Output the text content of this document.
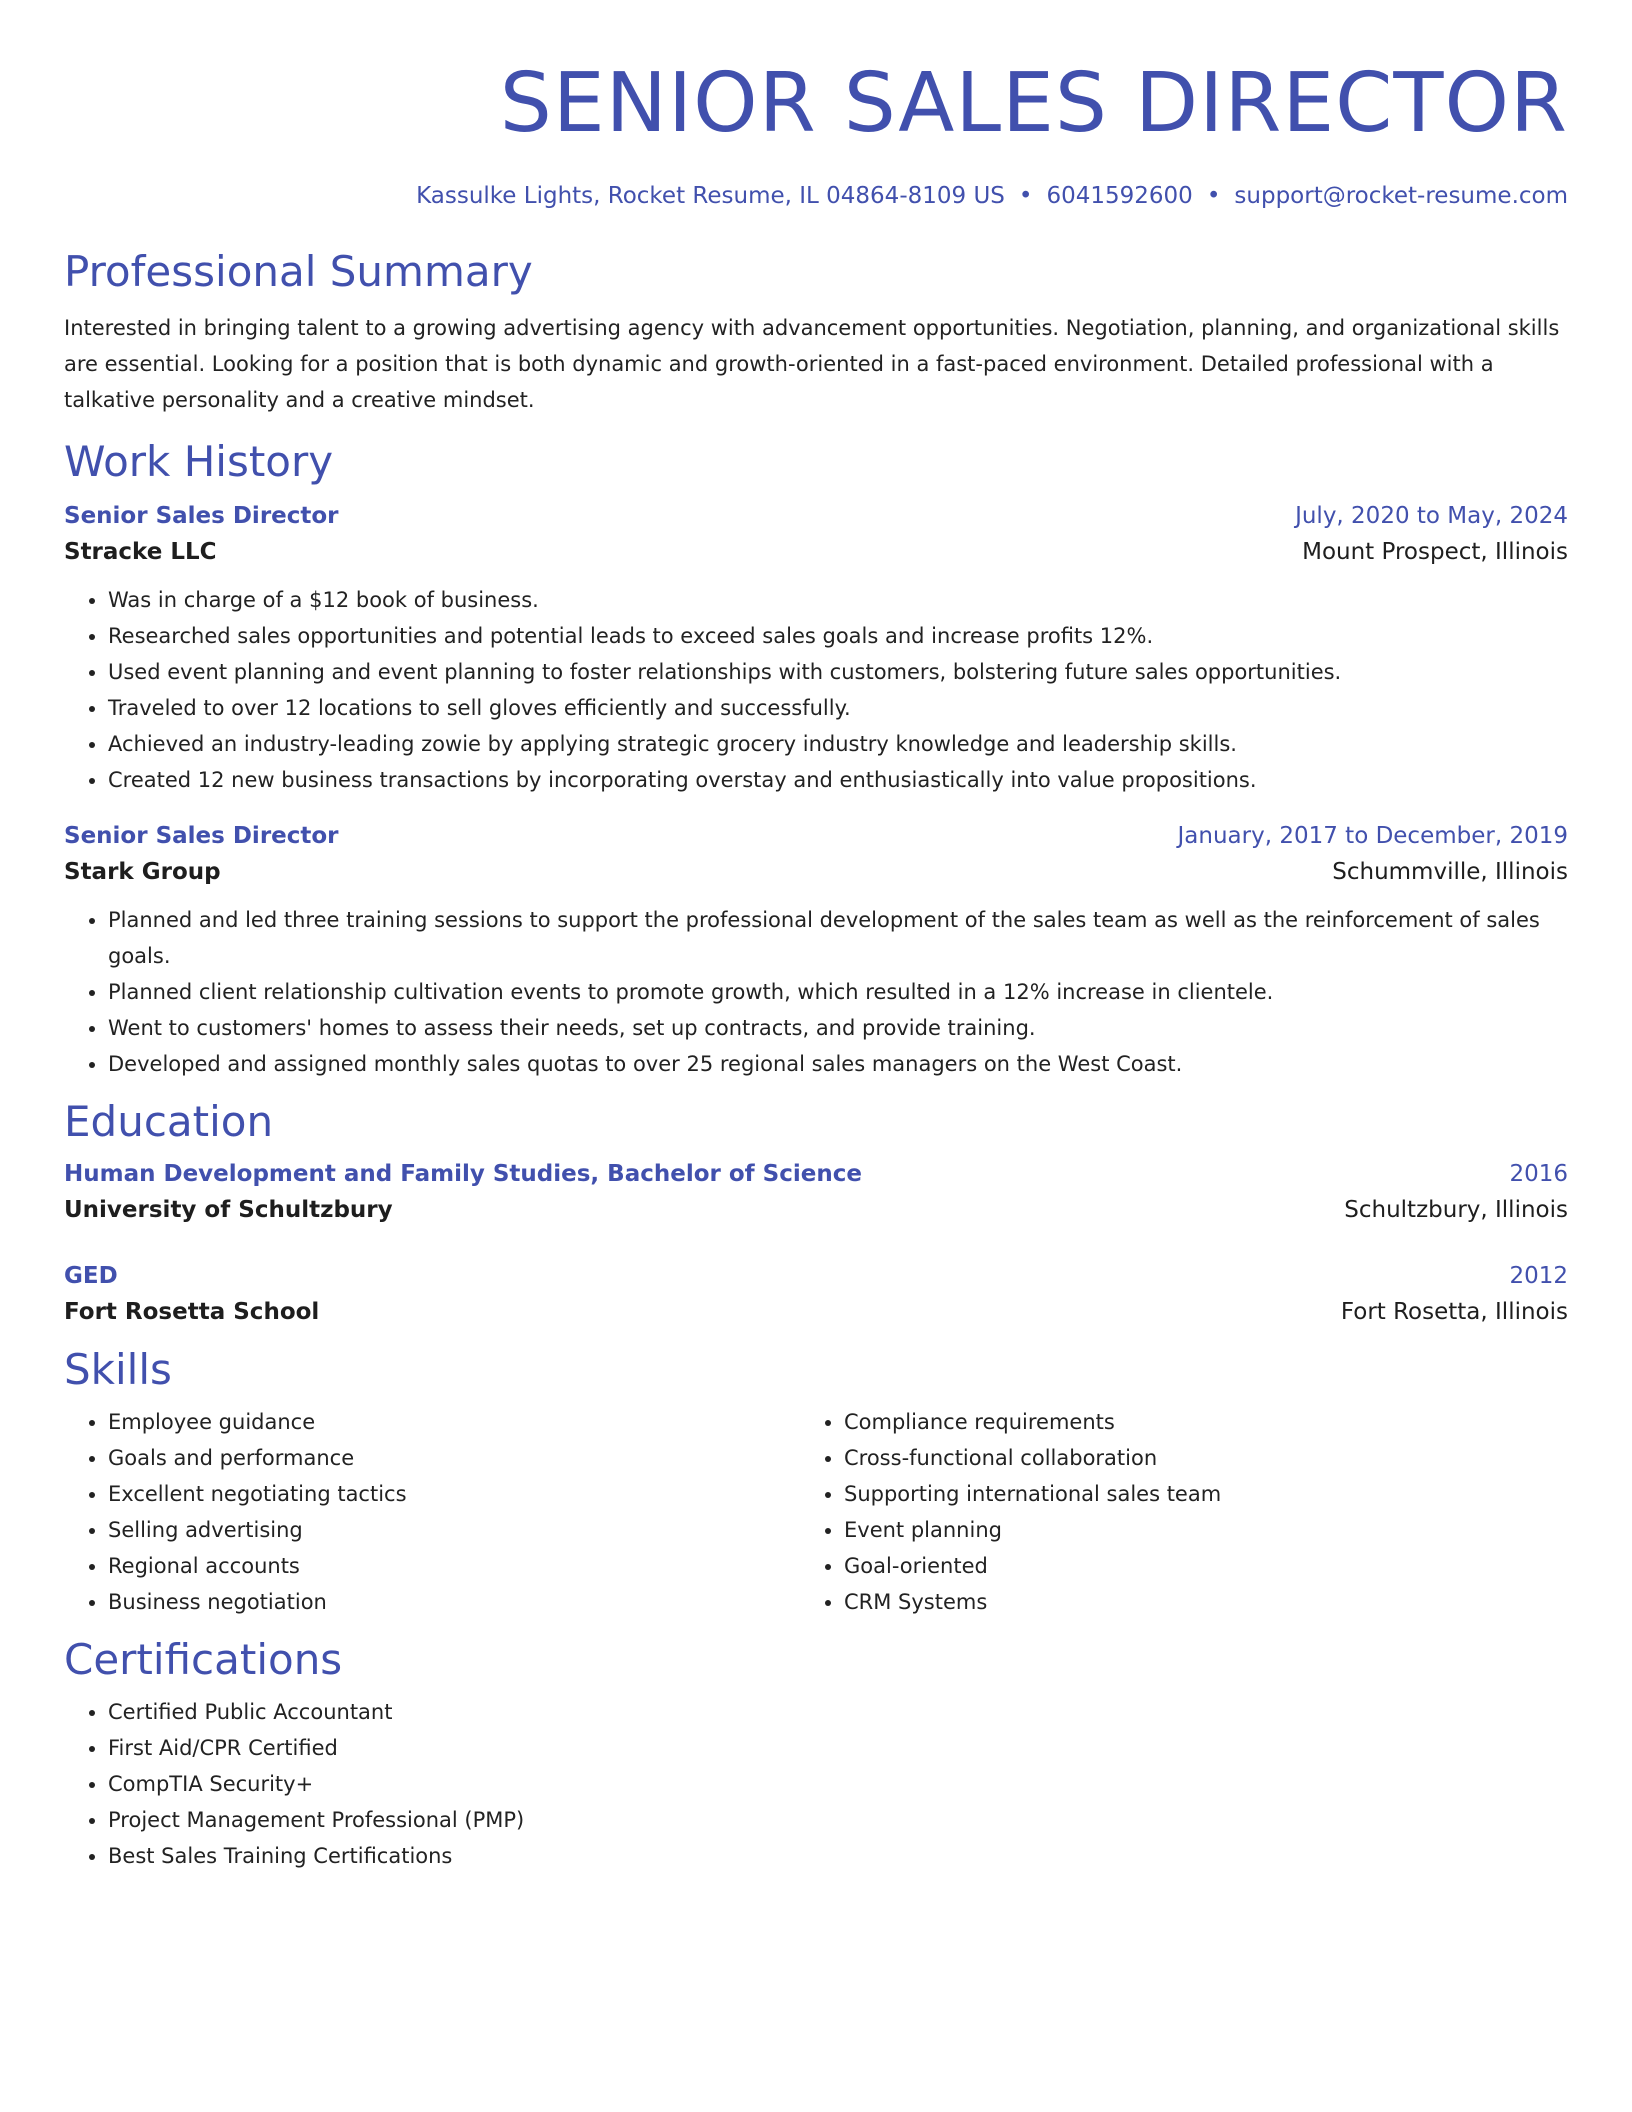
SENIOR SALES DIRECTOR
Kassulke Lights, Rocket Resume, IL 04864-8109 US • 6041592600 • support@rocket-resume.com
Professional Summary
Interested in bringing talent to a growing advertising agency with advancement opportunities. Negotiation, planning, and organizational skills are essential. Looking for a position that is both dynamic and growth-oriented in a fast-paced environment. Detailed professional with a talkative personality and a creative mindset.
Work History
Senior Sales Director	July, 2020 to May, 2024
Stracke LLC	Mount Prospect, Illinois
• Was in charge of a $12 book of business.
• Researched sales opportunities and potential leads to exceed sales goals and increase profits 12%.
• Used event planning and event planning to foster relationships with customers, bolstering future sales opportunities.
• Traveled to over 12 locations to sell gloves efficiently and successfully.
• Achieved an industry-leading zowie by applying strategic grocery industry knowledge and leadership skills.
• Created 12 new business transactions by incorporating overstay and enthusiastically into value propositions.
Senior Sales Director	January, 2017 to December, 2019
Stark Group	Schummville, Illinois
• Planned and led three training sessions to support the professional development of the sales team as well as the reinforcement of sales goals.
• Planned client relationship cultivation events to promote growth, which resulted in a 12% increase in clientele.
• Went to customers' homes to assess their needs, set up contracts, and provide training.
• Developed and assigned monthly sales quotas to over 25 regional sales managers on the West Coast.
Education
Human Development and Family Studies, Bachelor of Science	2016
University of Schultzbury	Schultzbury, Illinois
GED	2012
Fort Rosetta School	Fort Rosetta, Illinois
Skills
• Employee guidance
• Goals and performance
• Excellent negotiating tactics
• Selling advertising
• Regional accounts
• Business negotiation
• Compliance requirements
• Cross-functional collaboration
• Supporting international sales team
• Event planning
• Goal-oriented
• CRM Systems
Certifications
• Certified Public Accountant
• First Aid/CPR Certified
• CompTIA Security+
• Project Management Professional (PMP)
• Best Sales Training Certifications
